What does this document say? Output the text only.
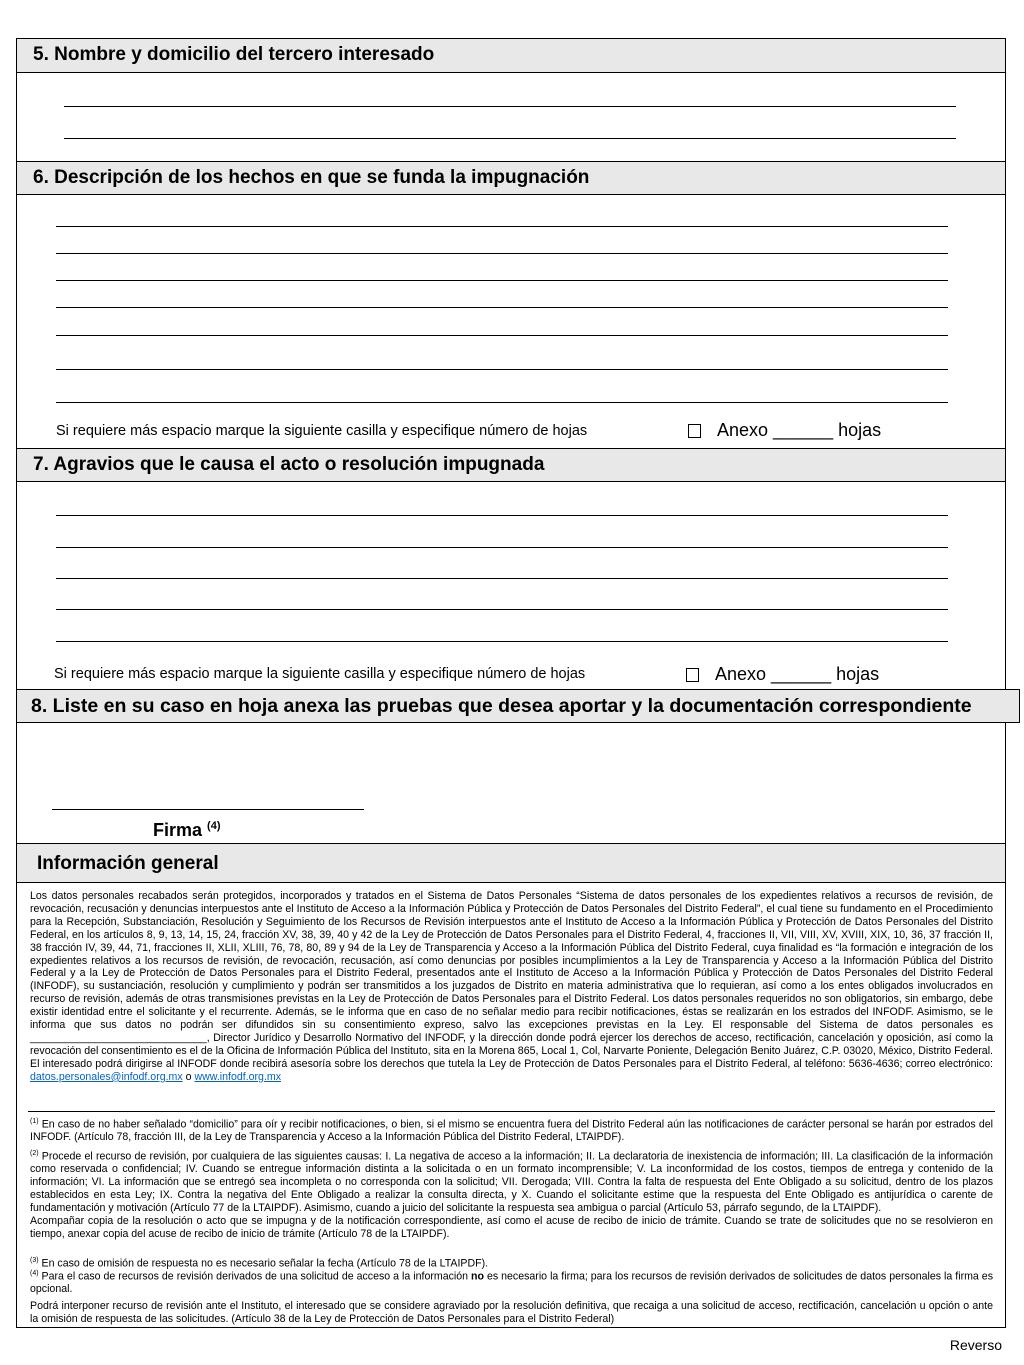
5. Nombre y domicilio del tercero interesado
6. Descripción de los hechos en que se funda la impugnación
Si requiere más espacio marque la siguiente casilla y especifique número de hojas	Anexo ______ hojas
7. Agravios que le causa el acto o resolución impugnada
Si requiere más espacio marque la siguiente casilla y especifique número de hojas	Anexo ______ hojas
8. Liste en su caso en hoja anexa las pruebas que desea aportar y la documentación correspondiente
Firma $^{(4)}$
Información general
Los datos personales recabados serán protegidos, incorporados y tratados en el Sistema de Datos Personales “Sistema de datos personales de los expedientes relativos a recursos de revisión, de revocación, recusación y denuncias interpuestos ante el Instituto de Acceso a la Información Pública y Protección de Datos Personales del Distrito Federal”, el cual tiene su fundamento en el Procedimiento para la Recepción, Substanciación, Resolución y Seguimiento de los Recursos de Revisión interpuestos ante el Instituto de Acceso a la Información Pública y Protección de Datos Personales del Distrito Federal, en los artículos 8, 9, 13, 14, 15, 24, fracción XV, 38, 39, 40 y 42 de la Ley de Protección de Datos Personales para el Distrito Federal, 4, fracciones II, VII, VIII, XV, XVIII, XIX, 10, 36, 37 fracción II, 38 fracción IV, 39, 44, 71, fracciones II, XLII, XLIII, 76, 78, 80, 89 y 94 de la Ley de Transparencia y Acceso a la Información Pública del Distrito Federal, cuya finalidad es “la formación e integración de los expedientes relativos a los recursos de revisión, de revocación, recusación, así como denuncias por posibles incumplimientos a la Ley de Transparencia y Acceso a la Información Pública del Distrito Federal y a la Ley de Protección de Datos Personales para el Distrito Federal, presentados ante el Instituto de Acceso a la Información Pública y Protección de Datos Personales del Distrito Federal (INFODF), su sustanciación, resolución y cumplimiento y podrán ser transmitidos a los juzgados de Distrito en materia administrativa que lo requieran, así como a los entes obligados involucrados en recurso de revisión, además de otras transmisiones previstas en la Ley de Protección de Datos Personales para el Distrito Federal. Los datos personales requeridos no son obligatorios, sin embargo, debe existir identidad entre el solicitante y el recurrente. Además, se le informa que en caso de no señalar medio para recibir notificaciones, éstas se realizarán en los estrados del INFODF. Asimismo, se le informa que sus datos no podrán ser difundidos sin su consentimiento expreso, salvo las excepciones previstas en la Ley. El responsable del Sistema de datos personales es ______________________________, Director Jurídico y Desarrollo Normativo del INFODF, y la dirección donde podrá ejercer los derechos de acceso, rectificación, cancelación y oposición, así como la revocación del consentimiento es el de la Oficina de Información Pública del Instituto, sita en la Morena 865, Local 1, Col, Narvarte Poniente, Delegación Benito Juárez, C.P. 03020, México, Distrito Federal. El interesado podrá dirigirse al INFODF donde recibirá asesoría sobre los derechos que tutela la Ley de Protección de Datos Personales para el Distrito Federal, al teléfono: 5636-4636; correo electrónico: datos.personales@infodf.org.mx o www.infodf.org.mx
$^{(1)}$ En caso de no haber señalado “domicilio” para oír y recibir notificaciones, o bien, si el mismo se encuentra fuera del Distrito Federal aún las notificaciones de carácter personal se harán por estrados del INFODF. (Artículo 78, fracción III, de la Ley de Transparencia y Acceso a la Información Pública del Distrito Federal, LTAIPDF).
$^{(2)}$ Procede el recurso de revisión, por cualquiera de las siguientes causas: I. La negativa de acceso a la información; II. La declaratoria de inexistencia de información; III. La clasificación de la información como reservada o confidencial; IV. Cuando se entregue información distinta a la solicitada o en un formato incomprensible; V. La inconformidad de los costos, tiempos de entrega y contenido de la información; VI. La información que se entregó sea incompleta o no corresponda con la solicitud; VII. Derogada; VIII. Contra la falta de respuesta del Ente Obligado a su solicitud, dentro de los plazos establecidos en esta Ley; IX. Contra la negativa del Ente Obligado a realizar la consulta directa, y X. Cuando el solicitante estime que la respuesta del Ente Obligado es antijurídica o carente de fundamentación y motivación (Artículo 77 de la LTAIPDF). Asimismo, cuando a juicio del solicitante la respuesta sea ambigua o parcial (Artículo 53, párrafo segundo, de la LTAIPDF).
Acompañar copia de la resolución o acto que se impugna y de la notificación correspondiente, así como el acuse de recibo de inicio de trámite. Cuando se trate de solicitudes que no se resolvieron en tiempo, anexar copia del acuse de recibo de inicio de trámite (Artículo 78 de la LTAIPDF).
$^{(3)}$ En caso de omisión de respuesta no es necesario señalar la fecha (Artículo 78 de la LTAIPDF).
$^{(4)}$ Para el caso de recursos de revisión derivados de una solicitud de acceso a la información no es necesario la firma; para los recursos de revisión derivados de solicitudes de datos personales la firma es opcional.
Podrá interponer recurso de revisión ante el Instituto, el interesado que se considere agraviado por la resolución definitiva, que recaiga a una solicitud de acceso, rectificación, cancelación u opción o ante la omisión de respuesta de las solicitudes. (Artículo 38 de la Ley de Protección de Datos Personales para el Distrito Federal)
Reverso
